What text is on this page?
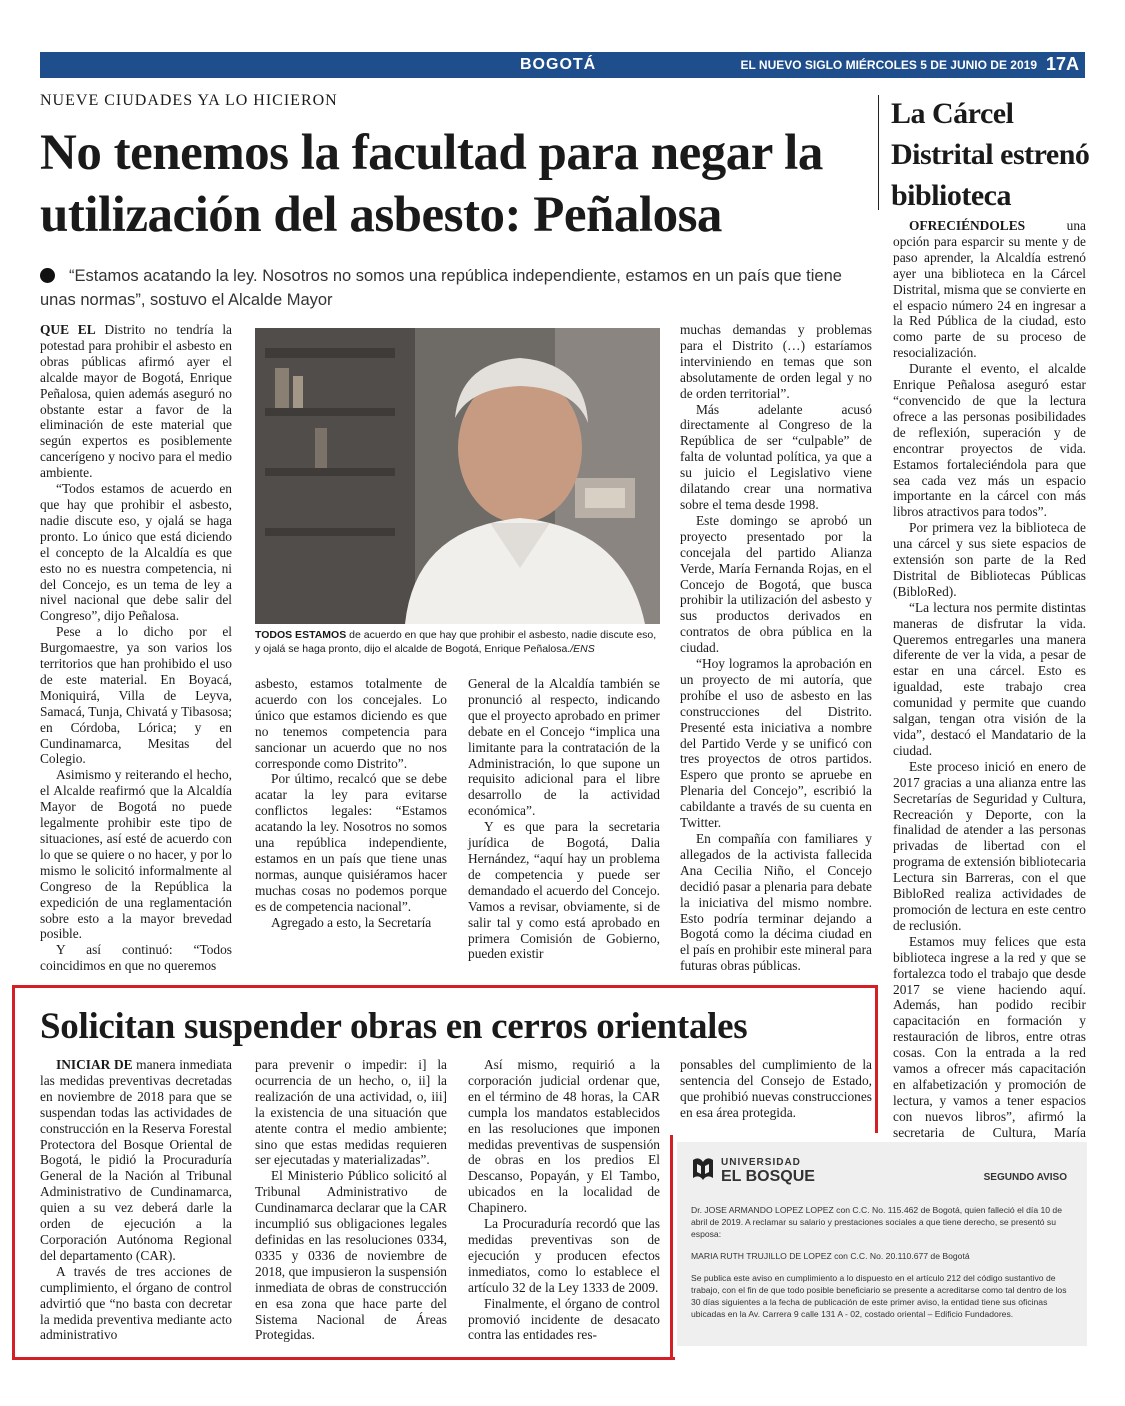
BOGOTÁ	EL NUEVO SIGLO MIÉRCOLES 5 DE JUNIO DE 2019 17A
NUEVE CIUDADES YA LO HICIERON
No tenemos la facultad para negar la utilización del asbesto: Peñalosa
“Estamos acatando la ley. Nosotros no somos una república independiente, estamos en un país que tiene unas normas”, sostuvo el Alcalde Mayor

QUE EL Distrito no tendría la potestad para prohibir el asbesto en obras públicas afirmó ayer el alcalde mayor de Bogotá, Enrique Peñalosa, quien además aseguró no obstante estar a favor de la eliminación de este material que según expertos es posiblemente cancerígeno y nocivo para el medio ambiente.

“Todos estamos de acuerdo en que hay que prohibir el asbesto, nadie discute eso, y ojalá se haga pronto. Lo único que está diciendo el concepto de la Alcaldía es que esto no es nuestra competencia, ni del Concejo, es un tema de ley a nivel nacional que debe salir del Congreso”, dijo Peñalosa.

Pese a lo dicho por el Burgomaestre, ya son varios los territorios que han prohibido el uso de este material. En Boyacá, Moniquirá, Villa de Leyva, Samacá, Tunja, Chivatá y Tibasosa; en Córdoba, Lórica; y en Cundinamarca, Mesitas del Colegio.

Asimismo y reiterando el hecho, el Alcalde reafirmó que la Alcaldía Mayor de Bogotá no puede legalmente prohibir este tipo de situaciones, así esté de acuerdo con lo que se quiere o no hacer, y por lo mismo le solicitó informalmente al Congreso de la República la expedición de una reglamentación sobre esto a la mayor brevedad posible.

Y así continuó: “Todos coincidimos en que no queremos

TODOS ESTAMOS de acuerdo en que hay que prohibir el asbesto, nadie discute eso, y ojalá se haga pronto, dijo el alcalde de Bogotá, Enrique Peñalosa./ENS

asbesto, estamos totalmente de acuerdo con los concejales. Lo único que estamos diciendo es que no tenemos competencia para sancionar un acuerdo que no nos corresponde como Distrito”.

Por último, recalcó que se debe acatar la ley para evitarse conflictos legales: “Estamos acatando la ley. Nosotros no somos una república independiente, estamos en un país que tiene unas normas, aunque quisiéramos hacer muchas cosas no podemos porque es de competencia nacional”.

Agregado a esto, la Secretaría

General de la Alcaldía también se pronunció al respecto, indicando que el proyecto aprobado en primer debate en el Concejo “implica una limitante para la contratación de la Administración, lo que supone un requisito adicional para el libre desarrollo de la actividad económica”.

Y es que para la secretaria jurídica de Bogotá, Dalia Hernández, “aquí hay un problema de competencia y puede ser demandado el acuerdo del Concejo. Vamos a revisar, obviamente, si de salir tal y como está aprobado en primera Comisión de Gobierno, pueden existir

muchas demandas y problemas para el Distrito (…) estaríamos interviniendo en temas que son absolutamente de orden legal y no de orden territorial”.

Más adelante acusó directamente al Congreso de la República de ser “culpable” de falta de voluntad política, ya que a su juicio el Legislativo viene dilatando crear una normativa sobre el tema desde 1998.

Este domingo se aprobó un proyecto presentado por la concejala del partido Alianza Verde, María Fernanda Rojas, en el Concejo de Bogotá, que busca prohibir la utilización del asbesto y sus productos derivados en contratos de obra pública en la ciudad.

“Hoy logramos la aprobación en un proyecto de mi autoría, que prohíbe el uso de asbesto en las construcciones del Distrito. Presenté esta iniciativa a nombre del Partido Verde y se unificó con tres proyectos de otros partidos. Espero que pronto se apruebe en Plenaria del Concejo”, escribió la cabildante a través de su cuenta en Twitter.

En compañía con familiares y allegados de la activista fallecida Ana Cecilia Niño, el Concejo decidió pasar a plenaria para debate la iniciativa del mismo nombre. Esto podría terminar dejando a Bogotá como la décima ciudad en el país en prohibir este mineral para futuras obras públicas.

La Cárcel Distrital estrenó biblioteca

OFRECIÉNDOLES una opción para esparcir su mente y de paso aprender, la Alcaldía estrenó ayer una biblioteca en la Cárcel Distrital, misma que se convierte en el espacio número 24 en ingresar a la Red Pública de la ciudad, esto como parte de su proceso de resocialización.

Durante el evento, el alcalde Enrique Peñalosa aseguró estar “convencido de que la lectura ofrece a las personas posibilidades de reflexión, superación y de encontrar proyectos de vida. Estamos fortaleciéndola para que sea cada vez más un espacio importante en la cárcel con más libros atractivos para todos”.

Por primera vez la biblioteca de una cárcel y sus siete espacios de extensión son parte de la Red Distrital de Bibliotecas Públicas (BibloRed).

“La lectura nos permite distintas maneras de disfrutar la vida. Queremos entregarles una manera diferente de ver la vida, a pesar de estar en una cárcel. Esto es igualdad, este trabajo crea comunidad y permite que cuando salgan, tengan otra visión de la vida”, destacó el Mandatario de la ciudad.

Este proceso inició en enero de 2017 gracias a una alianza entre las Secretarías de Seguridad y Cultura, Recreación y Deporte, con la finalidad de atender a las personas privadas de libertad con el programa de extensión bibliotecaria Lectura sin Barreras, con el que BibloRed realiza actividades de promoción de lectura en este centro de reclusión.

Estamos muy felices que esta biblioteca ingrese a la red y que se fortalezca todo el trabajo que desde 2017 se viene haciendo aquí. Además, han podido recibir capacitación en formación y restauración de libros, entre otras cosas. Con la entrada a la red vamos a ofrecer más capacitación en alfabetización y promoción de lectura, y vamos a tener espacios con nuevos libros”, afirmó la secretaria de Cultura, María

Solicitan suspender obras en cerros orientales

INICIAR DE manera inmediata las medidas preventivas decretadas en noviembre de 2018 para que se suspendan todas las actividades de construcción en la Reserva Forestal Protectora del Bosque Oriental de Bogotá, le pidió la Procuraduría General de la Nación al Tribunal Administrativo de Cundinamarca, quien a su vez deberá darle la orden de ejecución a la Corporación Autónoma Regional del departamento (CAR).

A través de tres acciones de cumplimiento, el órgano de control advirtió que “no basta con decretar la medida preventiva mediante acto administrativo

para prevenir o impedir: i] la ocurrencia de un hecho, o, ii] la realización de una actividad, o, iii] la existencia de una situación que atente contra el medio ambiente; sino que estas medidas requieren ser ejecutadas y materializadas”.

El Ministerio Público solicitó al Tribunal Administrativo de Cundinamarca declarar que la CAR incumplió sus obligaciones legales definidas en las resoluciones 0334, 0335 y 0336 de noviembre de 2018, que impusieron la suspensión inmediata de obras de construcción en esa zona que hace parte del Sistema Nacional de Áreas Protegidas.

Así mismo, requirió a la corporación judicial ordenar que, en el término de 48 horas, la CAR cumpla los mandatos establecidos en las resoluciones que imponen medidas preventivas de suspensión de obras en los predios El Descanso, Popayán, y El Tambo, ubicados en la localidad de Chapinero.

La Procuraduría recordó que las medidas preventivas son de ejecución y producen efectos inmediatos, como lo establece el artículo 32 de la Ley 1333 de 2009.

Finalmente, el órgano de control promovió incidente de desacato contra las entidades res-

ponsables del cumplimiento de la sentencia del Consejo de Estado, que prohibió nuevas construcciones en esa área protegida.

UNIVERSIDAD
EL BOSQUE	SEGUNDO AVISO

Dr. JOSE ARMANDO LOPEZ LOPEZ con C.C. No. 115.462 de Bogotá, quien falleció el día 10 de abril de 2019. A reclamar su salario y prestaciones sociales a que tiene derecho, se presentó su esposa:

MARIA RUTH TRUJILLO DE LOPEZ con C.C. No. 20.110.677 de Bogotá

Se publica este aviso en cumplimiento a lo dispuesto en el artículo 212 del código sustantivo de trabajo, con el fin de que todo posible beneficiario se presente a acreditarse como tal dentro de los 30 días siguientes a la fecha de publicación de este primer aviso, la entidad tiene sus oficinas ubicadas en la Av. Carrera 9 calle 131 A - 02, costado oriental – Edificio Fundadores.
